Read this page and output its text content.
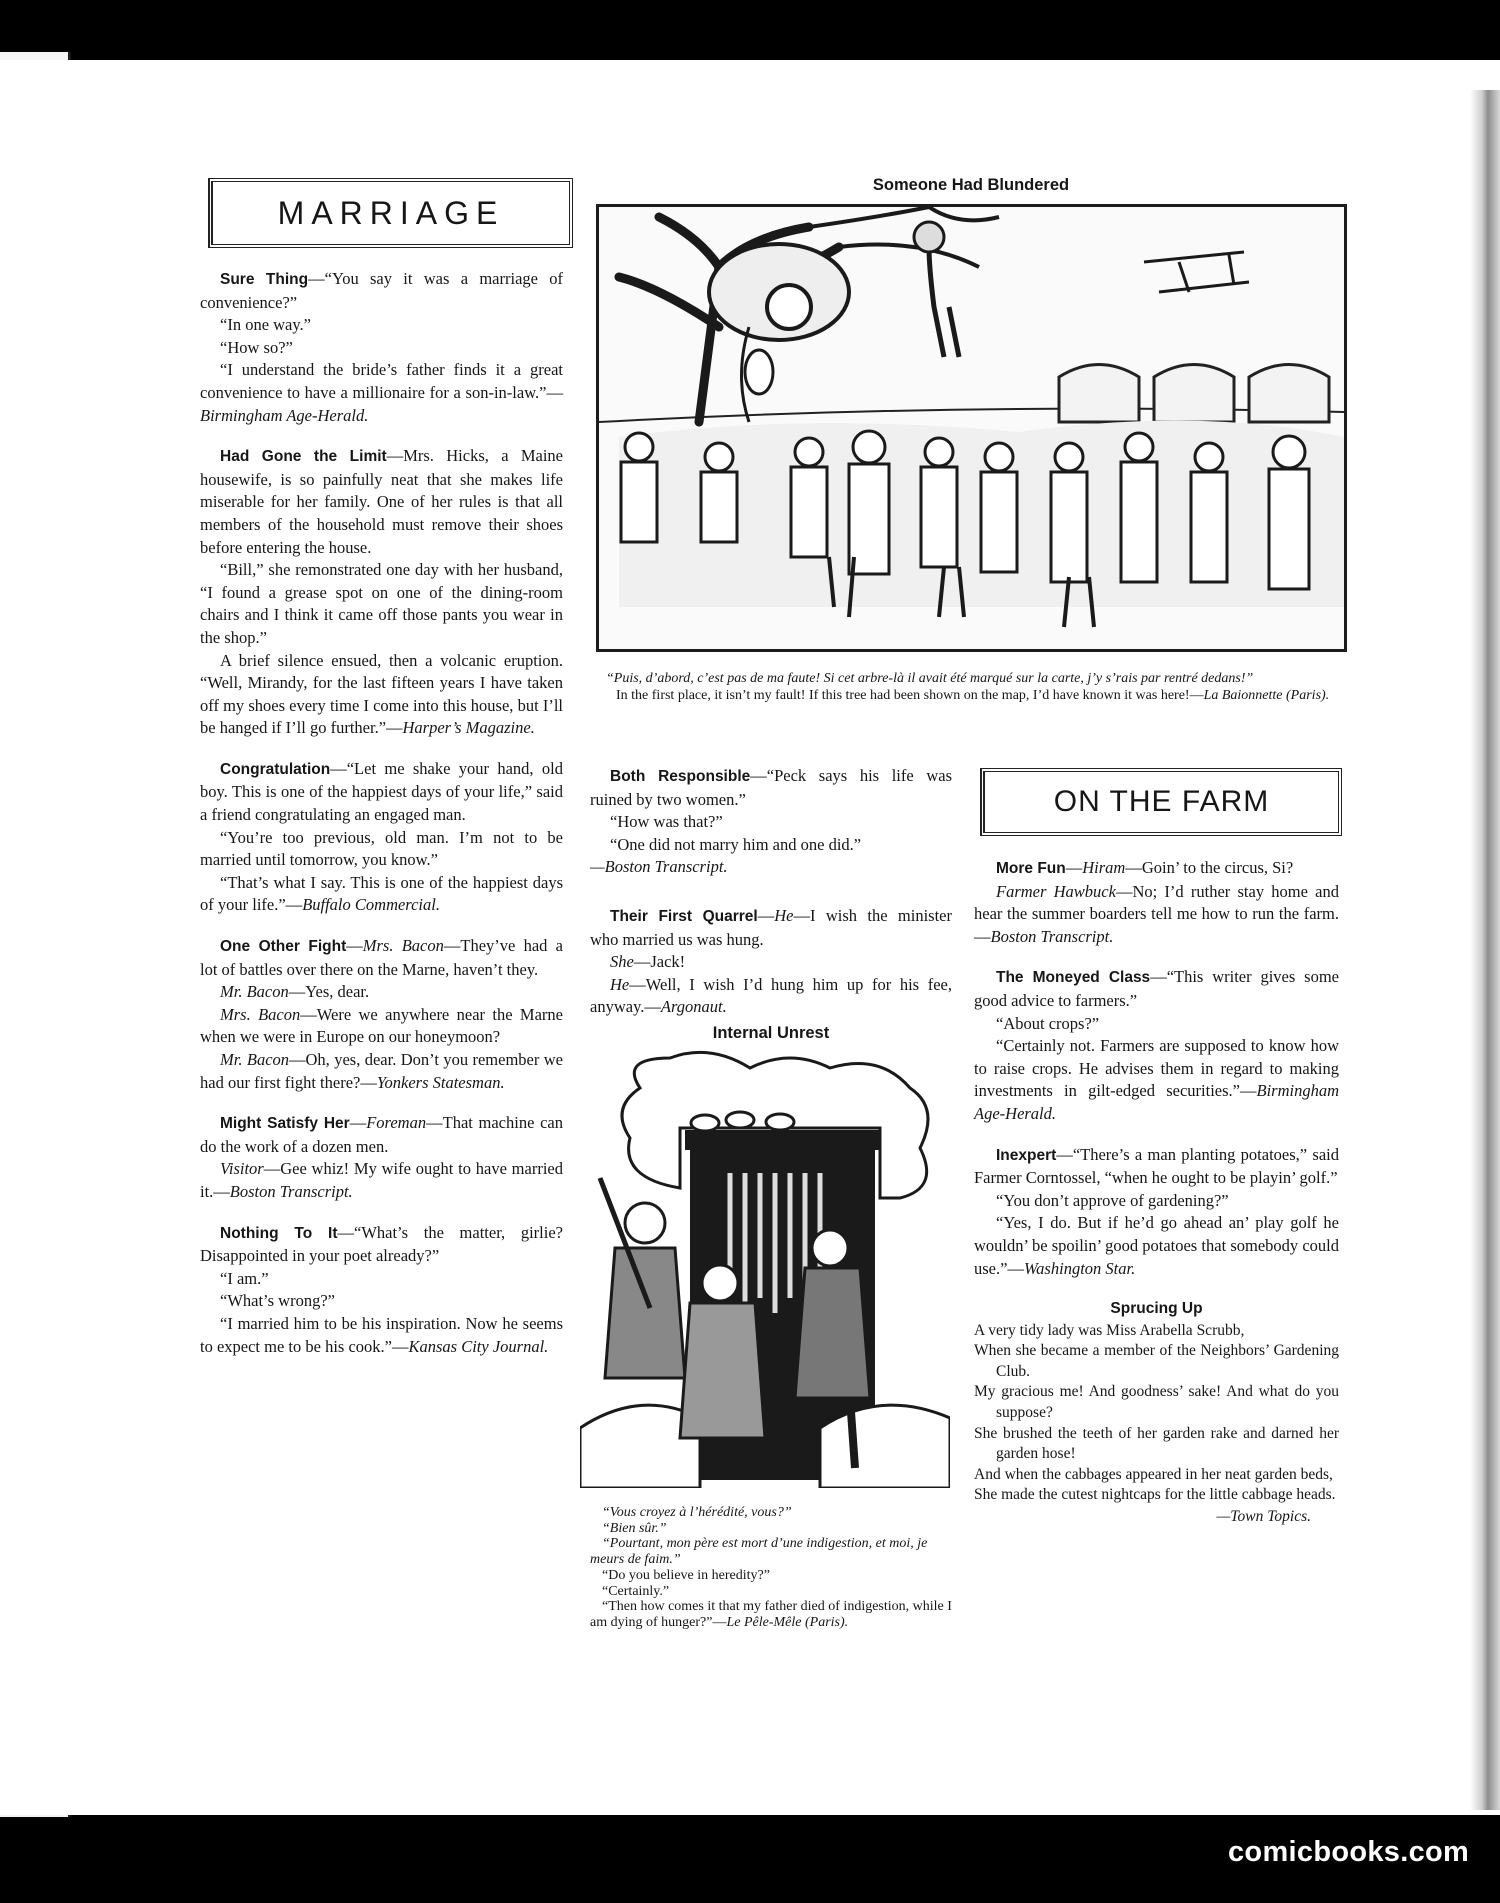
MARRIAGE

Sure Thing—“You say it was a marriage of convenience?”

“In one way.”

“How so?”

“I understand the bride’s father finds it a great convenience to have a millionaire for a son-in-law.”—Birmingham Age-Herald.

Had Gone the Limit—Mrs. Hicks, a Maine housewife, is so painfully neat that she makes life miserable for her family. One of her rules is that all members of the household must remove their shoes before entering the house.

“Bill,” she remonstrated one day with her husband, “I found a grease spot on one of the dining-room chairs and I think it came off those pants you wear in the shop.”

A brief silence ensued, then a volcanic eruption. “Well, Mirandy, for the last fifteen years I have taken off my shoes every time I come into this house, but I’ll be hanged if I’ll go further.”—Harper’s Magazine.

Congratulation—“Let me shake your hand, old boy. This is one of the happiest days of your life,” said a friend congratulating an engaged man.

“You’re too previous, old man. I’m not to be married until tomorrow, you know.”

“That’s what I say. This is one of the happiest days of your life.”—Buffalo Commercial.

One Other Fight—Mrs. Bacon—They’ve had a lot of battles over there on the Marne, haven’t they.

Mr. Bacon—Yes, dear.

Mrs. Bacon—Were we anywhere near the Marne when we were in Europe on our honeymoon?

Mr. Bacon—Oh, yes, dear. Don’t you remember we had our first fight there?—Yonkers Statesman.

Might Satisfy Her—Foreman—That machine can do the work of a dozen men.

Visitor—Gee whiz! My wife ought to have married it.—Boston Transcript.

Nothing To It—“What’s the matter, girlie? Disappointed in your poet already?”

“I am.”

“What’s wrong?”

“I married him to be his inspiration. Now he seems to expect me to be his cook.”—Kansas City Journal.

Someone Had Blundered

“Puis, d’abord, c’est pas de ma faute! Si cet arbre-là il avait été marqué sur la carte, j’y s’rais par rentré dedans!”

In the first place, it isn’t my fault! If this tree had been shown on the map, I’d have known it was here!—La Baionnette (Paris).

Both Responsible—“Peck says his life was ruined by two women.”

“How was that?”

“One did not marry him and one did.”

—Boston Transcript.

Their First Quarrel—He—I wish the minister who married us was hung.

She—Jack!

He—Well, I wish I’d hung him up for his fee, anyway.—Argonaut.

Internal Unrest

“Vous croyez à l’hérédité, vous?”

“Bien sûr.”

“Pourtant, mon père est mort d’une indigestion, et moi, je meurs de faim.”

“Do you believe in heredity?”

“Certainly.”

“Then how comes it that my father died of indigestion, while I am dying of hunger?”—Le Pêle-Mêle (Paris).

ON THE FARM

More Fun—Hiram—Goin’ to the circus, Si?

Farmer Hawbuck—No; I’d ruther stay home and hear the summer boarders tell me how to run the farm.—Boston Transcript.

The Moneyed Class—“This writer gives some good advice to farmers.”

“About crops?”

“Certainly not. Farmers are supposed to know how to raise crops. He advises them in regard to making investments in gilt-edged securities.”—Birmingham Age-Herald.

Inexpert—“There’s a man planting potatoes,” said Farmer Corntossel, “when he ought to be playin’ golf.”

“You don’t approve of gardening?”

“Yes, I do. But if he’d go ahead an’ play golf he wouldn’ be spoilin’ good potatoes that somebody could use.”—Washington Star.

Sprucing Up

A very tidy lady was Miss Arabella Scrubb,

When she became a member of the Neighbors’ Gardening Club.

My gracious me! And goodness’ sake! And what do you suppose?

She brushed the teeth of her garden rake and darned her garden hose!

And when the cabbages appeared in her neat garden beds,

She made the cutest nightcaps for the little cabbage heads.

—Town Topics.

comicbooks.com
